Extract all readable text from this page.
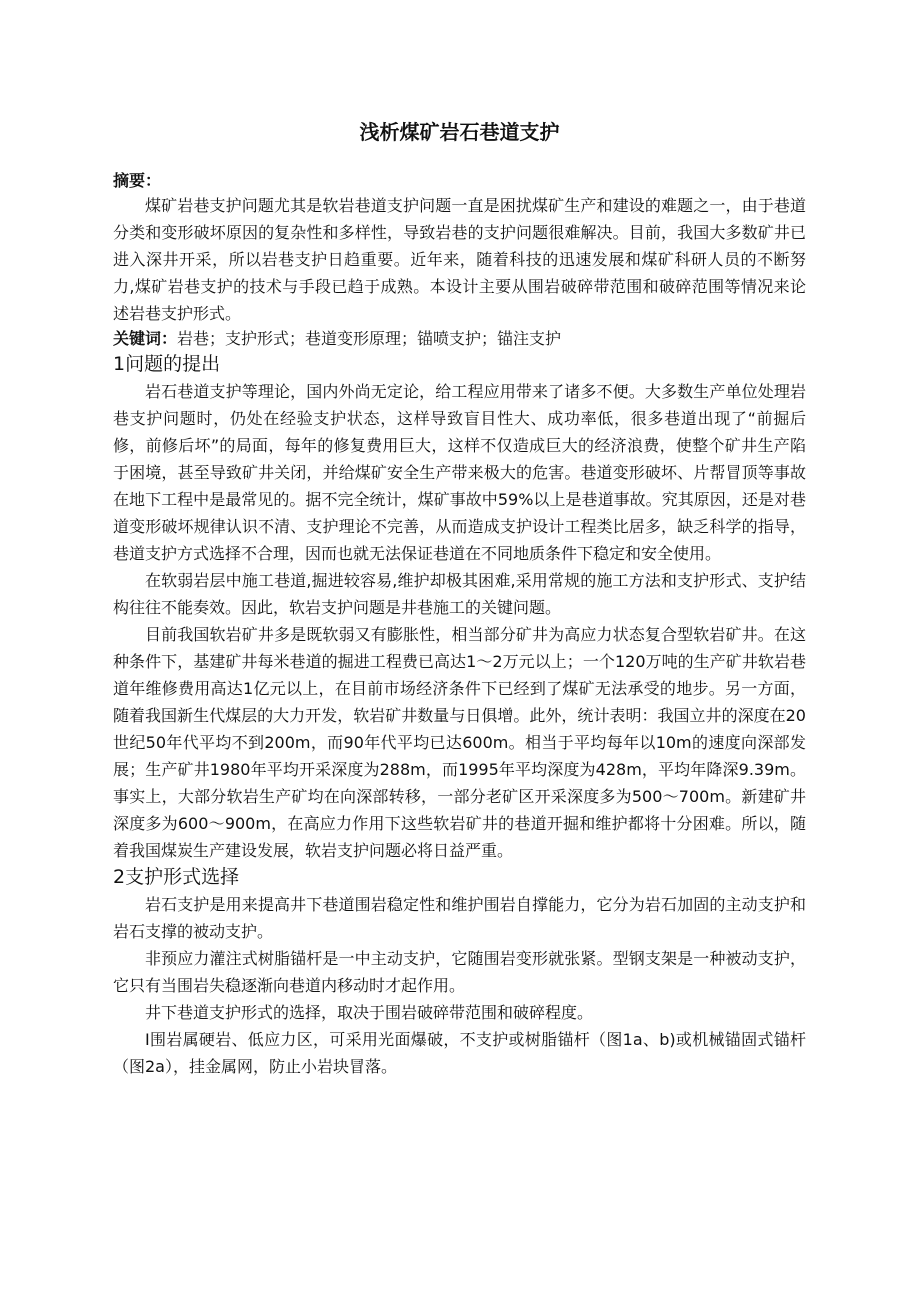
浅析煤矿岩石巷道支护

摘要：

煤矿岩巷支护问题尤其是软岩巷道支护问题一直是困扰煤矿生产和建设的难题之一，由于巷道分类和变形破坏原因的复杂性和多样性，导致岩巷的支护问题很难解决。目前，我国大多数矿井已进入深井开采，所以岩巷支护日趋重要。近年来，随着科技的迅速发展和煤矿科研人员的不断努力,煤矿岩巷支护的技术与手段已趋于成熟。本设计主要从围岩破碎带范围和破碎范围等情况来论述岩巷支护形式。

关键词：岩巷；支护形式；巷道变形原理；锚喷支护；锚注支护

1问题的提出

岩石巷道支护等理论，国内外尚无定论，给工程应用带来了诸多不便。大多数生产单位处理岩巷支护问题时，仍处在经验支护状态，这样导致盲目性大、成功率低，很多巷道出现了“前掘后修，前修后坏”的局面，每年的修复费用巨大，这样不仅造成巨大的经济浪费，使整个矿井生产陷于困境，甚至导致矿井关闭，并给煤矿安全生产带来极大的危害。巷道变形破坏、片帮冒顶等事故在地下工程中是最常见的。据不完全统计，煤矿事故中59%以上是巷道事故。究其原因，还是对巷道变形破坏规律认识不清、支护理论不完善，从而造成支护设计工程类比居多，缺乏科学的指导，巷道支护方式选择不合理，因而也就无法保证巷道在不同地质条件下稳定和安全使用。

在软弱岩层中施工巷道,掘进较容易,维护却极其困难,采用常规的施工方法和支护形式、支护结构往往不能奏效。因此，软岩支护问题是井巷施工的关键问题。

目前我国软岩矿井多是既软弱又有膨胀性，相当部分矿井为高应力状态复合型软岩矿井。在这种条件下，基建矿井每米巷道的掘进工程费已高达1～2万元以上；一个120万吨的生产矿井软岩巷道年维修费用高达1亿元以上，在目前市场经济条件下已经到了煤矿无法承受的地步。另一方面，随着我国新生代煤层的大力开发，软岩矿井数量与日俱增。此外，统计表明：我国立井的深度在20世纪50年代平均不到200m，而90年代平均已达600m。相当于平均每年以10m的速度向深部发展；生产矿井1980年平均开采深度为288m，而1995年平均深度为428m，平均年降深9.39m。事实上，大部分软岩生产矿均在向深部转移，一部分老矿区开采深度多为500～700m。新建矿井深度多为600～900m，在高应力作用下这些软岩矿井的巷道开掘和维护都将十分困难。所以，随着我国煤炭生产建设发展，软岩支护问题必将日益严重。

2支护形式选择

岩石支护是用来提高井下巷道围岩稳定性和维护围岩自撑能力，它分为岩石加固的主动支护和岩石支撑的被动支护。

非预应力灌注式树脂锚杆是一中主动支护，它随围岩变形就张紧。型钢支架是一种被动支护，它只有当围岩失稳逐渐向巷道内移动时才起作用。

井下巷道支护形式的选择，取决于围岩破碎带范围和破碎程度。

Ⅰ围岩属硬岩、低应力区，可采用光面爆破，不支护或树脂锚杆（图1a、b)或机械锚固式锚杆（图2a），挂金属网，防止小岩块冒落。
